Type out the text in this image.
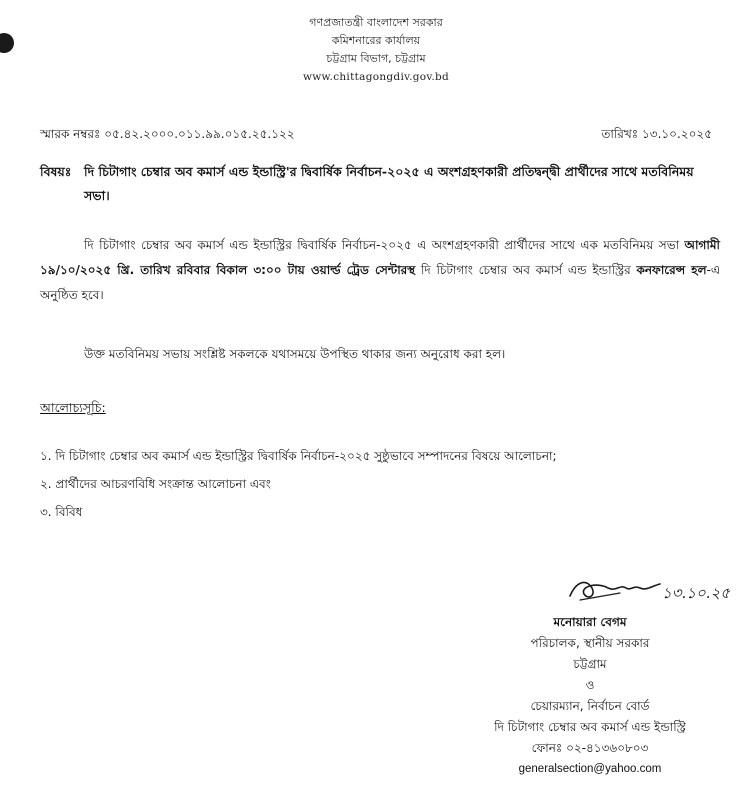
গণপ্রজাতন্ত্রী বাংলাদেশ সরকার
কমিশনারের কার্যালয়
চট্টগ্রাম বিভাগ, চট্টগ্রাম
www.chittagongdiv.gov.bd
স্মারক নম্বরঃ ০৫.৪২.২০০০.০১১.৯৯.০১৫.২৫.১২২	তারিখঃ ১৩.১০.২০২৫
বিষয়ঃ দি চিটাগাং চেম্বার অব কমার্স এন্ড ইন্ডাস্ট্রি'র দ্বিবার্ষিক নির্বাচন-২০২৫ এ অংশগ্রহণকারী প্রতিদ্বন্দ্বী প্রার্থীদের সাথে মতবিনিময় সভা।
দি চিটাগাং চেম্বার অব কমার্স এন্ড ইন্ডাস্ট্রির দ্বিবার্ষিক নির্বাচন-২০২৫ এ অংশগ্রহণকারী প্রার্থীদের সাথে এক মতবিনিময় সভা আগামী ১৯/১০/২০২৫ খ্রি. তারিখ রবিবার বিকাল ৩:০০ টায় ওয়ার্ল্ড ট্রেড সেন্টারস্থ দি চিটাগাং চেম্বার অব কমার্স এন্ড ইন্ডাস্ট্রির কনফারেন্স হল-এ অনুষ্ঠিত হবে।
উক্ত মতবিনিময় সভায় সংশ্লিষ্ট সকলকে যথাসময়ে উপস্থিত থাকার জন্য অনুরোধ করা হল।
আলোচ্যসূচি:
১. দি চিটাগাং চেম্বার অব কমার্স এন্ড ইন্ডাস্ট্রির দ্বিবার্ষিক নির্বাচন-২০২৫ সুষ্ঠুভাবে সম্পাদনের বিষয়ে আলোচনা;
২. প্রার্থীদের আচরণবিধি সংক্রান্ত আলোচনা এবং
৩. বিবিধ
১৩.১০.২৫
মনোয়ারা বেগম
পরিচালক, স্থানীয় সরকার
চট্টগ্রাম
ও
চেয়ারম্যান, নির্বাচন বোর্ড
দি চিটাগাং চেম্বার অব কমার্স এন্ড ইন্ডাস্ট্রি
ফোনঃ ০২-৪১৩৬০৮০৩
generalsection@yahoo.com
